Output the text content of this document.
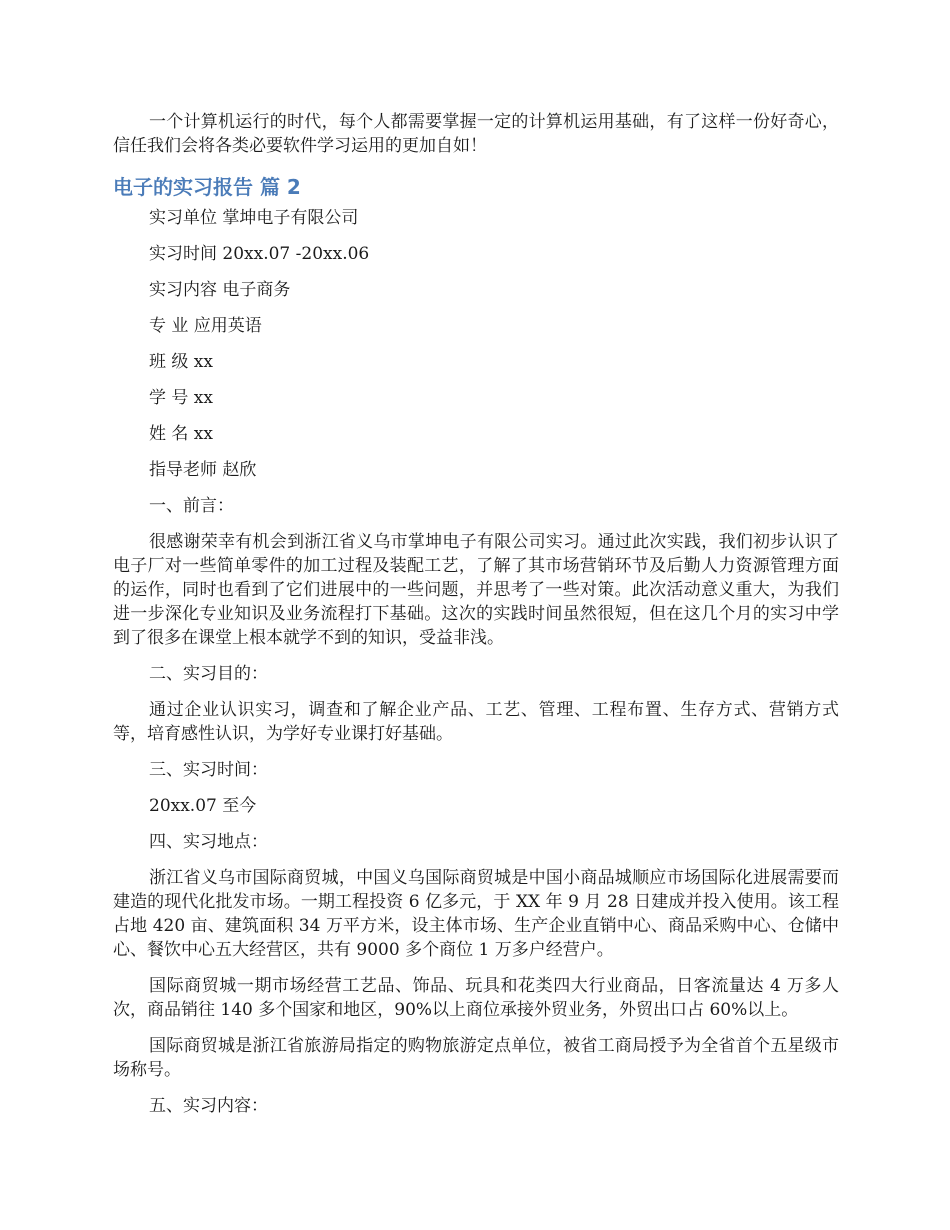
一个计算机运行的时代，每个人都需要掌握一定的计算机运用基础，有了这样一份好奇心，信任我们会将各类必要软件学习运用的更加自如！

电子的实习报告 篇 2

实习单位 掌坤电子有限公司

实习时间 20xx.07 -20xx.06

实习内容 电子商务

专 业 应用英语

班 级 xx

学 号 xx

姓 名 xx

指导老师 赵欣

一、前言：

很感谢荣幸有机会到浙江省义乌市掌坤电子有限公司实习。通过此次实践，我们初步认识了电子厂对一些简单零件的加工过程及装配工艺，了解了其市场营销环节及后勤人力资源管理方面的运作，同时也看到了它们进展中的一些问题，并思考了一些对策。此次活动意义重大，为我们进一步深化专业知识及业务流程打下基础。这次的实践时间虽然很短，但在这几个月的实习中学到了很多在课堂上根本就学不到的知识，受益非浅。

二、实习目的：

通过企业认识实习，调查和了解企业产品、工艺、管理、工程布置、生存方式、营销方式等，培育感性认识，为学好专业课打好基础。

三、实习时间：

20xx.07 至今

四、实习地点：

浙江省义乌市国际商贸城，中国义乌国际商贸城是中国小商品城顺应市场国际化进展需要而建造的现代化批发市场。一期工程投资 6 亿多元，于 XX 年 9 月 28 日建成并投入使用。该工程占地 420 亩、建筑面积 34 万平方米，设主体市场、生产企业直销中心、商品采购中心、仓储中心、餐饮中心五大经营区，共有 9000 多个商位 1 万多户经营户。

国际商贸城一期市场经营工艺品、饰品、玩具和花类四大行业商品，日客流量达 4 万多人次，商品销往 140 多个国家和地区，90%以上商位承接外贸业务，外贸出口占 60%以上。

国际商贸城是浙江省旅游局指定的购物旅游定点单位，被省工商局授予为全省首个五星级市场称号。

五、实习内容：
